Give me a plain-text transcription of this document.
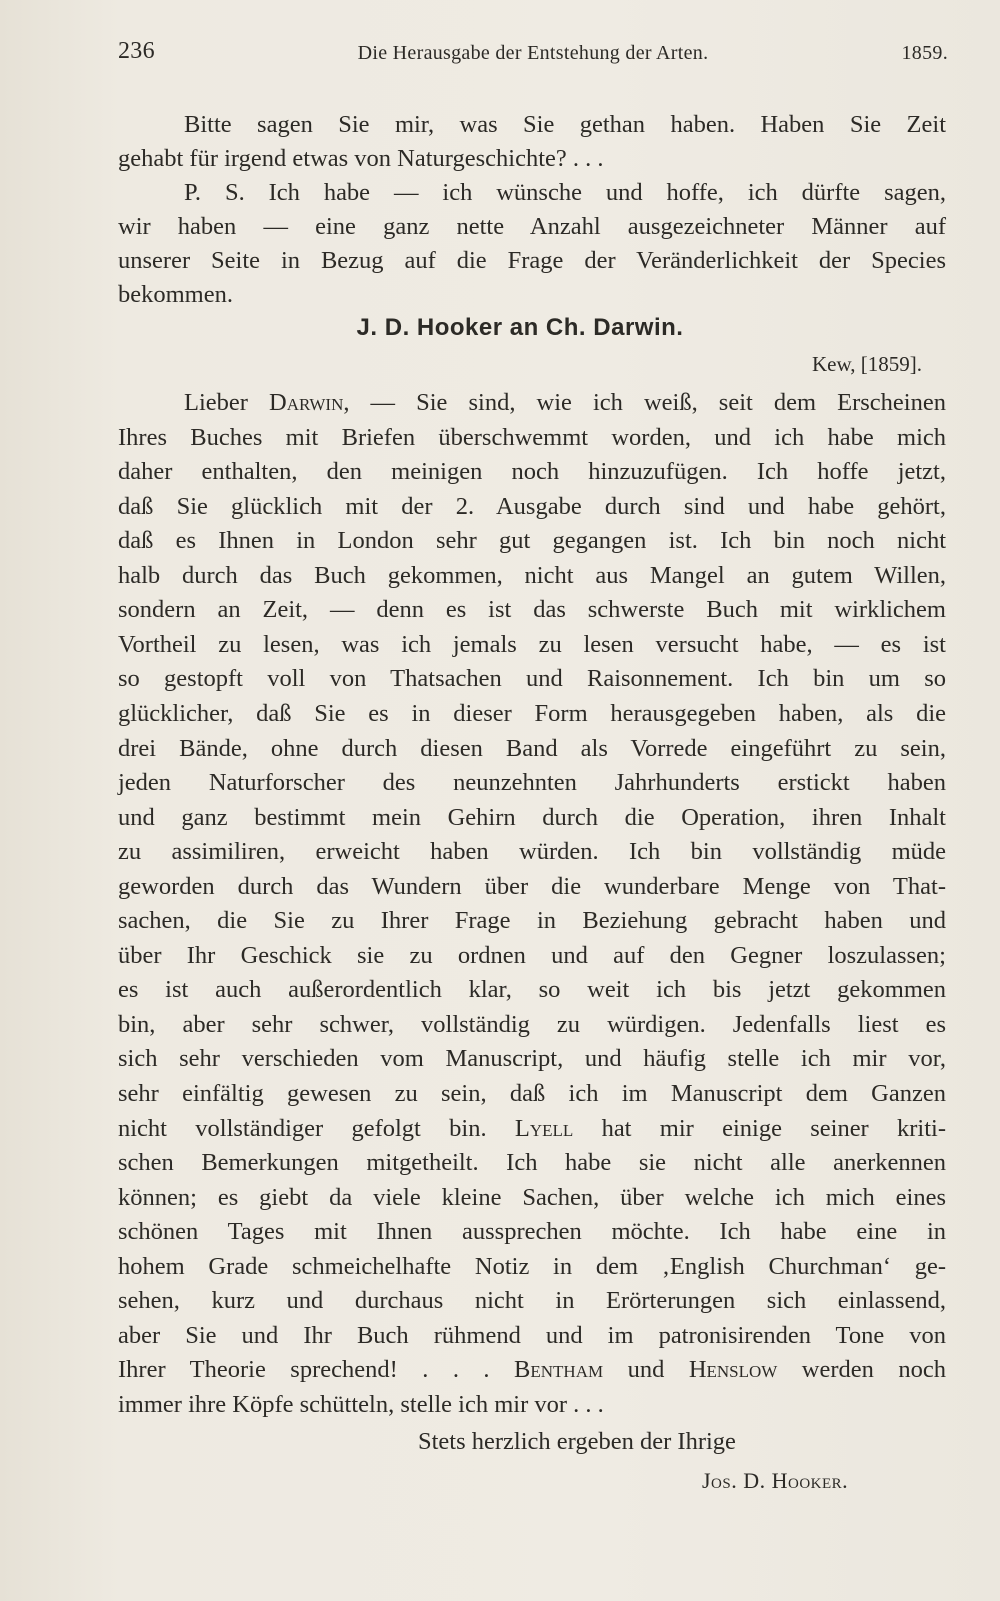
236	Die Herausgabe der Entstehung der Arten.	1859.
Bitte sagen Sie mir, was Sie gethan haben. Haben Sie Zeit
gehabt für irgend etwas von Naturgeschichte? . . .
P. S. Ich habe — ich wünsche und hoffe, ich dürfte sagen,
wir haben — eine ganz nette Anzahl ausgezeichneter Männer auf
unserer Seite in Bezug auf die Frage der Veränderlichkeit der Species
bekommen.
J. D. Hooker an Ch. Darwin.
Kew, [1859].
Lieber Darwin, — Sie sind, wie ich weiß, seit dem Erscheinen
Ihres Buches mit Briefen überschwemmt worden, und ich habe mich
daher enthalten, den meinigen noch hinzuzufügen. Ich hoffe jetzt,
daß Sie glücklich mit der 2. Ausgabe durch sind und habe gehört,
daß es Ihnen in London sehr gut gegangen ist. Ich bin noch nicht
halb durch das Buch gekommen, nicht aus Mangel an gutem Willen,
sondern an Zeit, — denn es ist das schwerste Buch mit wirklichem
Vortheil zu lesen, was ich jemals zu lesen versucht habe, — es ist
so gestopft voll von Thatsachen und Raisonnement. Ich bin um so
glücklicher, daß Sie es in dieser Form herausgegeben haben, als die
drei Bände, ohne durch diesen Band als Vorrede eingeführt zu sein,
jeden Naturforscher des neunzehnten Jahrhunderts erstickt haben
und ganz bestimmt mein Gehirn durch die Operation, ihren Inhalt
zu assimiliren, erweicht haben würden. Ich bin vollständig müde
geworden durch das Wundern über die wunderbare Menge von That-
sachen, die Sie zu Ihrer Frage in Beziehung gebracht haben und
über Ihr Geschick sie zu ordnen und auf den Gegner loszulassen;
es ist auch außerordentlich klar, so weit ich bis jetzt gekommen
bin, aber sehr schwer, vollständig zu würdigen. Jedenfalls liest es
sich sehr verschieden vom Manuscript, und häufig stelle ich mir vor,
sehr einfältig gewesen zu sein, daß ich im Manuscript dem Ganzen
nicht vollständiger gefolgt bin. Lyell hat mir einige seiner kriti-
schen Bemerkungen mitgetheilt. Ich habe sie nicht alle anerkennen
können; es giebt da viele kleine Sachen, über welche ich mich eines
schönen Tages mit Ihnen aussprechen möchte. Ich habe eine in
hohem Grade schmeichelhafte Notiz in dem ‚English Churchman‘ ge-
sehen, kurz und durchaus nicht in Erörterungen sich einlassend,
aber Sie und Ihr Buch rühmend und im patronisirenden Tone von
Ihrer Theorie sprechend! . . . Bentham und Henslow werden noch
immer ihre Köpfe schütteln, stelle ich mir vor . . .
Stets herzlich ergeben der Ihrige
Jos. D. Hooker.
